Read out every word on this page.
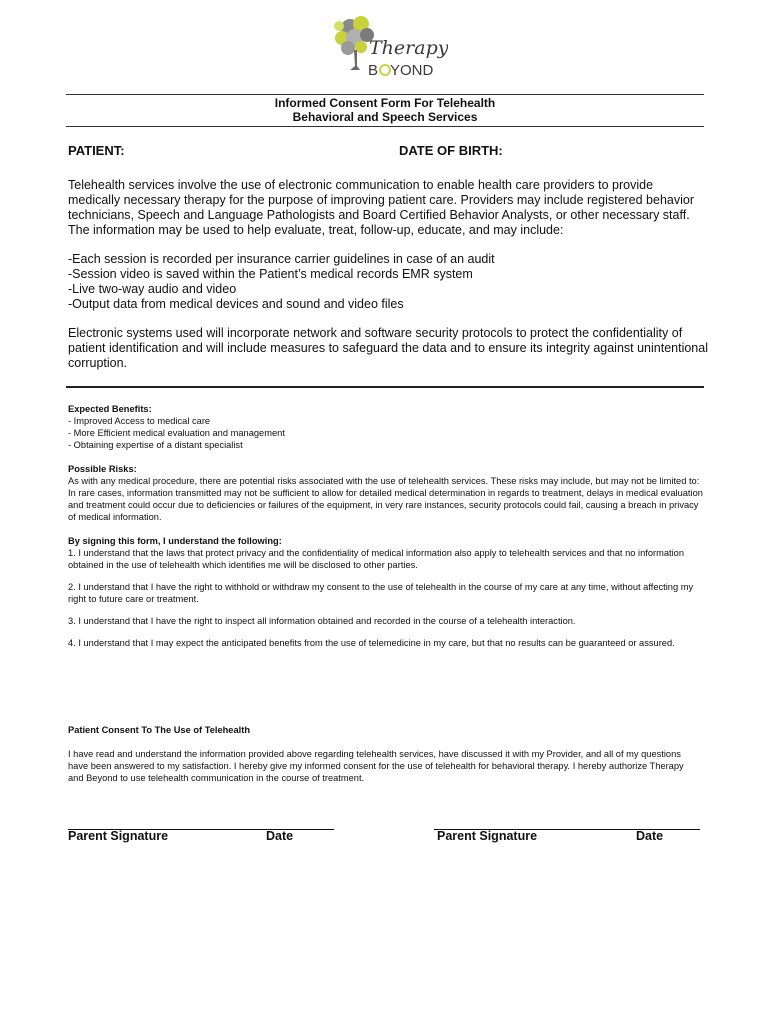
Therapy
B YOND
Informed Consent Form For Telehealth
Behavioral and Speech Services
PATIENT:	DATE OF BIRTH:

Telehealth services involve the use of electronic communication to enable health care providers to provide medically necessary therapy for the purpose of improving patient care. Providers may include registered behavior technicians, Speech and Language Pathologists and Board Certified Behavior Analysts, or other necessary staff. The information may be used to help evaluate, treat, follow-up, educate, and may include:

-Each session is recorded per insurance carrier guidelines in case of an audit
-Session video is saved within the Patient’s medical records EMR system
-Live two-way audio and video
-Output data from medical devices and sound and video files

Electronic systems used will incorporate network and software security protocols to protect the confidentiality of patient identification and will include measures to safeguard the data and to ensure its integrity against unintentional corruption.

Expected Benefits:
- Improved Access to medical care
- More Efficient medical evaluation and management
- Obtaining expertise of a distant specialist
Possible Risks:

As with any medical procedure, there are potential risks associated with the use of telehealth services. These risks may include, but may not be limited to: In rare cases, information transmitted may not be sufficient to allow for detailed medical determination in regards to treatment, delays in medical evaluation and treatment could occur due to deficiencies or failures of the equipment, in very rare instances, security protocols could fail, causing a breach in privacy of medical information.

By signing this form, I understand the following:

1. I understand that the laws that protect privacy and the confidentiality of medical information also apply to telehealth services and that no information obtained in the use of telehealth which identifies me will be disclosed to other parties.

2. I understand that I have the right to withhold or withdraw my consent to the use of telehealth in the course of my care at any time, without affecting my right to future care or treatment.

3. I understand that I have the right to inspect all information obtained and recorded in the course of a telehealth interaction.

4. I understand that I may expect the anticipated benefits from the use of telemedicine in my care, but that no results can be guaranteed or assured.

Patient Consent To The Use of Telehealth

I have read and understand the information provided above regarding telehealth services, have discussed it with my Provider, and all of my questions have been answered to my satisfaction. I hereby give my informed consent for the use of telehealth for behavioral therapy. I hereby authorize Therapy and Beyond to use telehealth communication in the course of treatment.

Parent Signature	Date	Parent Signature	Date
